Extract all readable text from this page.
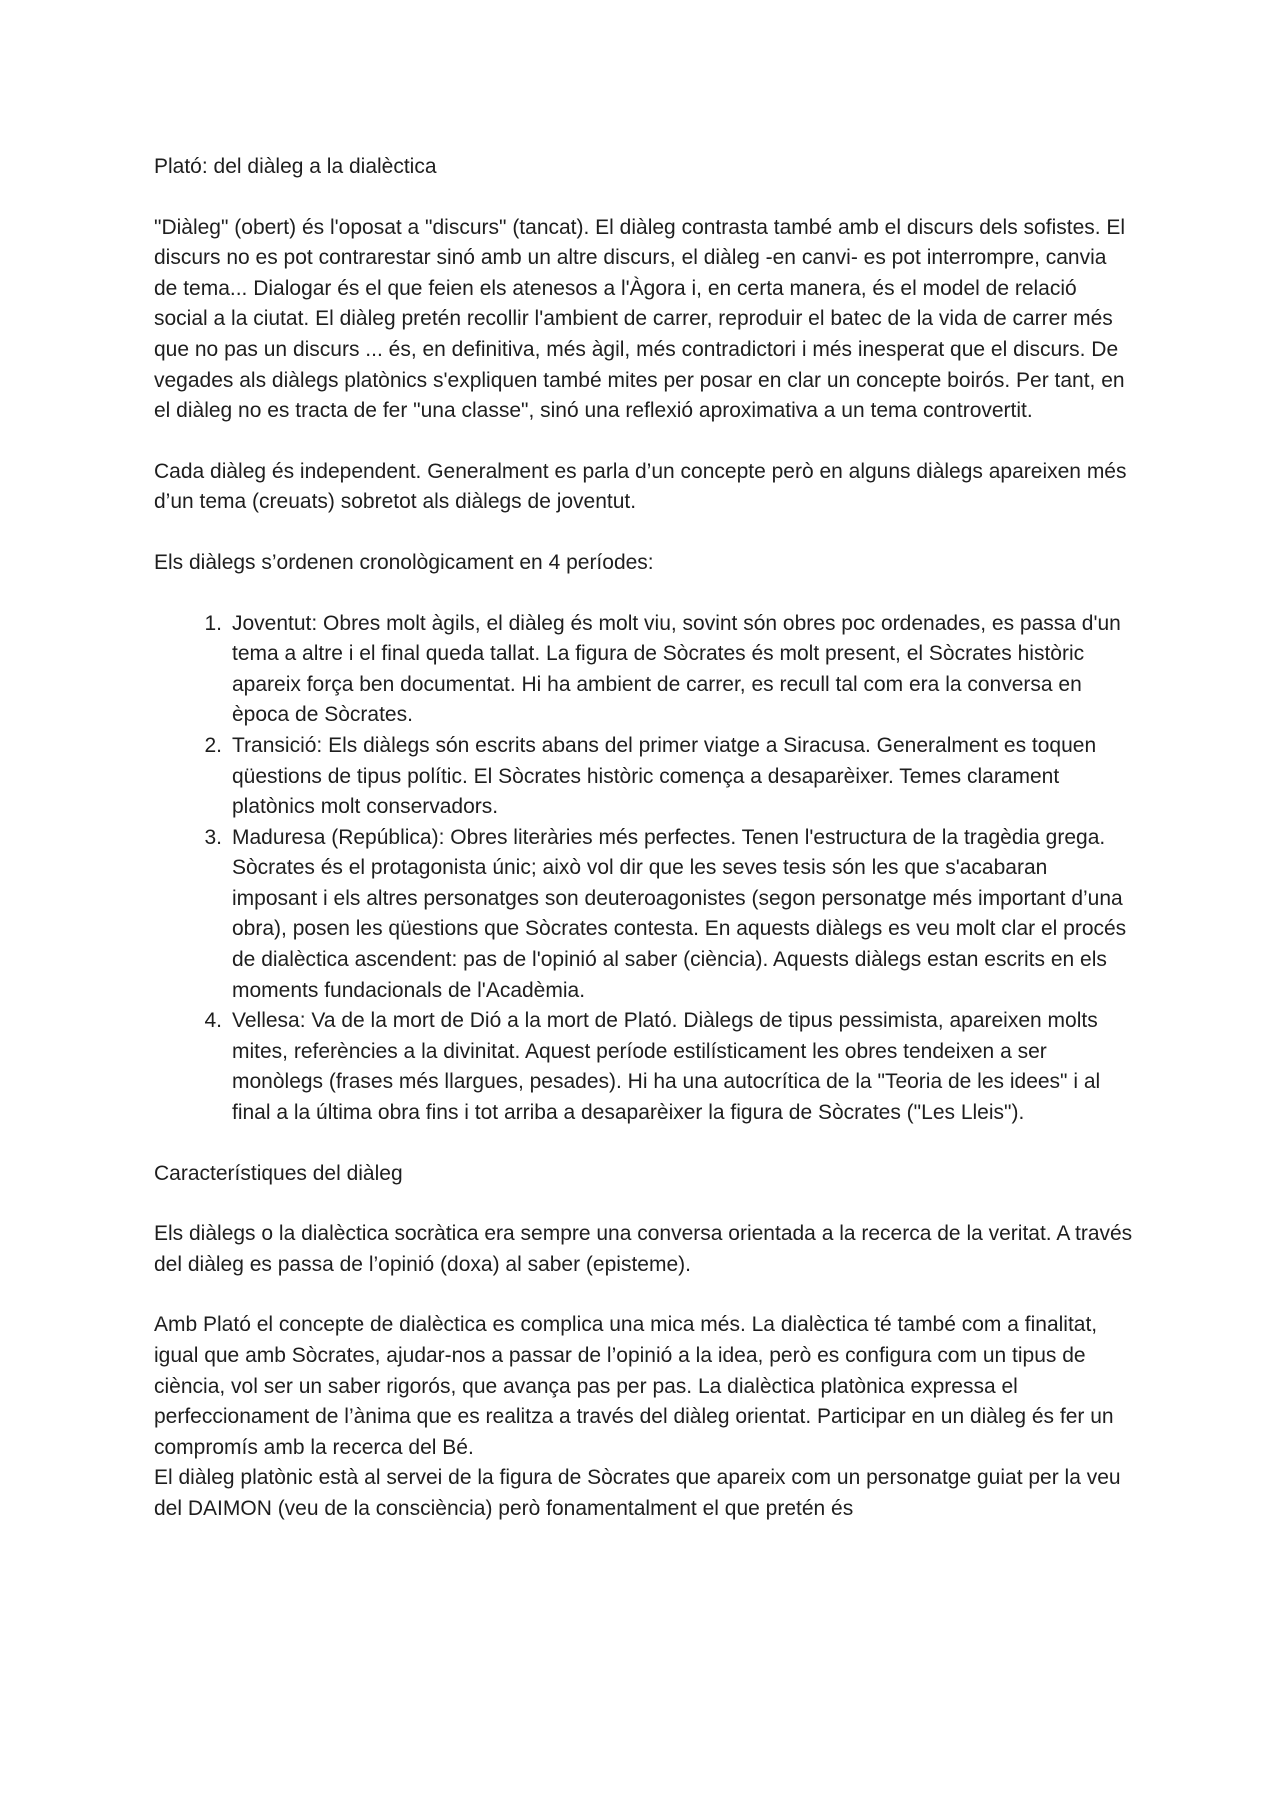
Plató: del diàleg a la dialèctica

"Diàleg" (obert) és l'oposat a "discurs" (tancat). El diàleg contrasta també amb el discurs dels sofistes. El discurs no es pot contrarestar sinó amb un altre discurs, el diàleg -en canvi- es pot interrompre, canvia de tema... Dialogar és el que feien els atenesos a l'Àgora i, en certa manera, és el model de relació social a la ciutat. El diàleg pretén recollir l'ambient de carrer, reproduir el batec de la vida de carrer més que no pas un discurs ... és, en definitiva, més àgil, més contradictori i més inesperat que el discurs. De vegades als diàlegs platònics s'expliquen també mites per posar en clar un concepte boirós. Per tant, en el diàleg no es tracta de fer "una classe", sinó una reflexió aproximativa a un tema controvertit.

Cada diàleg és independent. Generalment es parla d’un concepte però en alguns diàlegs apareixen més d’un tema (creuats) sobretot als diàlegs de joventut.

Els diàlegs s’ordenen cronològicament en 4 períodes:

1. Joventut: Obres molt àgils, el diàleg és molt viu, sovint són obres poc ordenades, es passa d'un tema a altre i el final queda tallat. La figura de Sòcrates és molt present, el Sòcrates històric apareix força ben documentat. Hi ha ambient de carrer, es recull tal com era la conversa en època de Sòcrates.
2. Transició: Els diàlegs són escrits abans del primer viatge a Siracusa. Generalment es toquen qüestions de tipus polític. El Sòcrates històric comença a desaparèixer. Temes clarament platònics molt conservadors.
3. Maduresa (República): Obres literàries més perfectes. Tenen l'estructura de la tragèdia grega. Sòcrates és el protagonista únic; això vol dir que les seves tesis són les que s'acabaran imposant i els altres personatges son deuteroagonistes (segon personatge més important d’una obra), posen les qüestions que Sòcrates contesta. En aquests diàlegs es veu molt clar el procés de dialèctica ascendent: pas de l'opinió al saber (ciència). Aquests diàlegs estan escrits en els moments fundacionals de l'Acadèmia.
4. Vellesa: Va de la mort de Dió a la mort de Plató. Diàlegs de tipus pessimista, apareixen molts mites, referències a la divinitat. Aquest període estilísticament les obres tendeixen a ser monòlegs (frases més llargues, pesades). Hi ha una autocrítica de la "Teoria de les idees" i al final a la última obra fins i tot arriba a desaparèixer la figura de Sòcrates ("Les Lleis").

Característiques del diàleg

Els diàlegs o la dialèctica socràtica era sempre una conversa orientada a la recerca de la veritat. A través del diàleg es passa de l’opinió (doxa) al saber (episteme).

Amb Plató el concepte de dialèctica es complica una mica més. La dialèctica té també com a finalitat, igual que amb Sòcrates, ajudar-nos a passar de l’opinió a la idea, però es configura com un tipus de ciència, vol ser un saber rigorós, que avança pas per pas. La dialèctica platònica expressa el perfeccionament de l’ànima que es realitza a través del diàleg orientat. Participar en un diàleg és fer un compromís amb la recerca del Bé.

El diàleg platònic està al servei de la figura de Sòcrates que apareix com un personatge guiat per la veu del DAIMON (veu de la consciència) però fonamentalment el que pretén és
